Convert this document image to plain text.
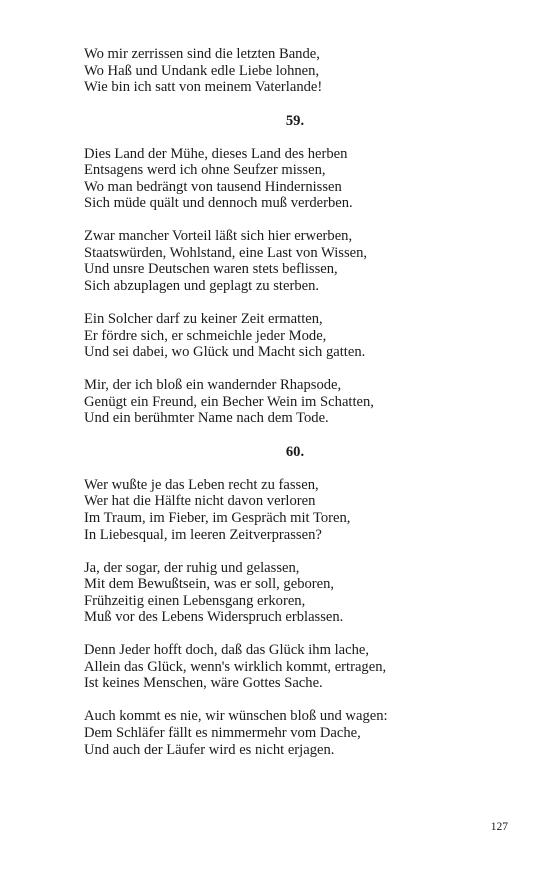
Wo mir zerrissen sind die letzten Bande,
Wo Haß und Undank edle Liebe lohnen,
Wie bin ich satt von meinem Vaterlande!
59.
Dies Land der Mühe, dieses Land des herben
Entsagens werd ich ohne Seufzer missen,
Wo man bedrängt von tausend Hindernissen
Sich müde quält und dennoch muß verderben.
Zwar mancher Vorteil läßt sich hier erwerben,
Staatswürden, Wohlstand, eine Last von Wissen,
Und unsre Deutschen waren stets beflissen,
Sich abzuplagen und geplagt zu sterben.
Ein Solcher darf zu keiner Zeit ermatten,
Er fördre sich, er schmeichle jeder Mode,
Und sei dabei, wo Glück und Macht sich gatten.
Mir, der ich bloß ein wandernder Rhapsode,
Genügt ein Freund, ein Becher Wein im Schatten,
Und ein berühmter Name nach dem Tode.
60.
Wer wußte je das Leben recht zu fassen,
Wer hat die Hälfte nicht davon verloren
Im Traum, im Fieber, im Gespräch mit Toren,
In Liebesqual, im leeren Zeitverprassen?
Ja, der sogar, der ruhig und gelassen,
Mit dem Bewußtsein, was er soll, geboren,
Frühzeitig einen Lebensgang erkoren,
Muß vor des Lebens Widerspruch erblassen.
Denn Jeder hofft doch, daß das Glück ihm lache,
Allein das Glück, wenn's wirklich kommt, ertragen,
Ist keines Menschen, wäre Gottes Sache.
Auch kommt es nie, wir wünschen bloß und wagen:
Dem Schläfer fällt es nimmermehr vom Dache,
Und auch der Läufer wird es nicht erjagen.
127
